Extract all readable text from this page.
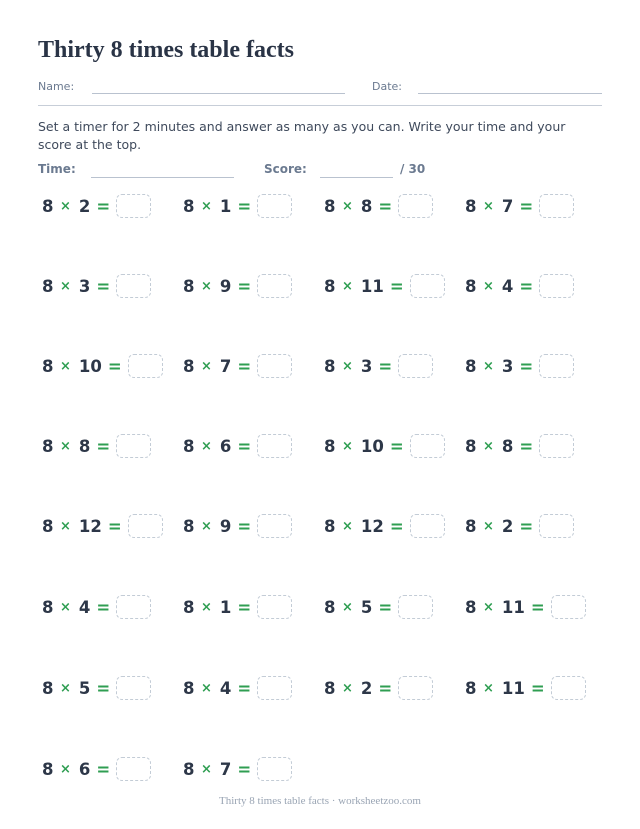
Thirty 8 times table facts
Name:	Date:

Set a timer for 2 minutes and answer as many as you can. Write your time and your score at the top.

Time:	Score:	/ 30
8 × 2 =	8 × 1 =	8 × 8 =	8 × 7 =
8 × 3 =	8 × 9 =	8 × 11 =	8 × 4 =
8 × 10 =	8 × 7 =	8 × 3 =	8 × 3 =
8 × 8 =	8 × 6 =	8 × 10 =	8 × 8 =
8 × 12 =	8 × 9 =	8 × 12 =	8 × 2 =
8 × 4 =	8 × 1 =	8 × 5 =	8 × 11 =
8 × 5 =	8 × 4 =	8 × 2 =	8 × 11 =
8 × 6 =	8 × 7 =
Thirty 8 times table facts · worksheetzoo.com
